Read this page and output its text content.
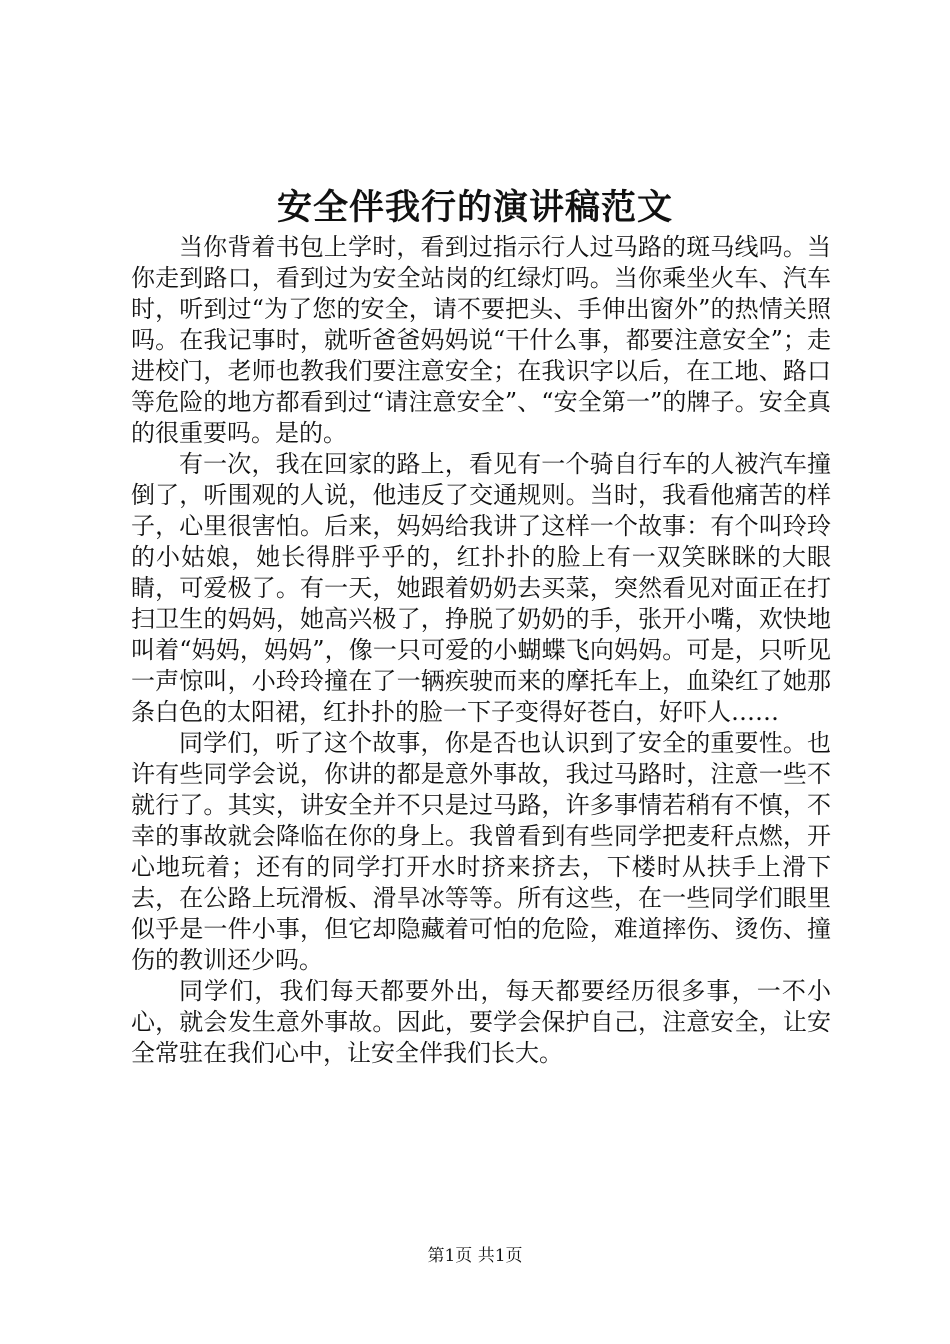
安全伴我行的演讲稿范文

当你背着书包上学时，看到过指示行人过马路的斑马线吗。当你走到路口，看到过为安全站岗的红绿灯吗。当你乘坐火车、汽车时，听到过“为了您的安全，请不要把头、手伸出窗外”的热情关照吗。在我记事时，就听爸爸妈妈说“干什么事，都要注意安全”；走进校门，老师也教我们要注意安全；在我识字以后，在工地、路口等危险的地方都看到过“请注意安全”、“安全第一”的牌子。安全真的很重要吗。是的。

有一次，我在回家的路上，看见有一个骑自行车的人被汽车撞倒了，听围观的人说，他违反了交通规则。当时，我看他痛苦的样子，心里很害怕。后来，妈妈给我讲了这样一个故事：有个叫玲玲的小姑娘，她长得胖乎乎的，红扑扑的脸上有一双笑眯眯的大眼睛，可爱极了。有一天，她跟着奶奶去买菜，突然看见对面正在打扫卫生的妈妈，她高兴极了，挣脱了奶奶的手，张开小嘴，欢快地叫着“妈妈，妈妈”，像一只可爱的小蝴蝶飞向妈妈。可是，只听见一声惊叫，小玲玲撞在了一辆疾驶而来的摩托车上，血染红了她那条白色的太阳裙，红扑扑的脸一下子变得好苍白，好吓人……

同学们，听了这个故事，你是否也认识到了安全的重要性。也许有些同学会说，你讲的都是意外事故，我过马路时，注意一些不就行了。其实，讲安全并不只是过马路，许多事情若稍有不慎，不幸的事故就会降临在你的身上。我曾看到有些同学把麦秆点燃，开心地玩着；还有的同学打开水时挤来挤去，下楼时从扶手上滑下去，在公路上玩滑板、滑旱冰等等。所有这些，在一些同学们眼里似乎是一件小事，但它却隐藏着可怕的危险，难道摔伤、烫伤、撞伤的教训还少吗。

同学们，我们每天都要外出，每天都要经历很多事，一不小心，就会发生意外事故。因此，要学会保护自己，注意安全，让安全常驻在我们心中，让安全伴我们长大。

第1页 共1页
